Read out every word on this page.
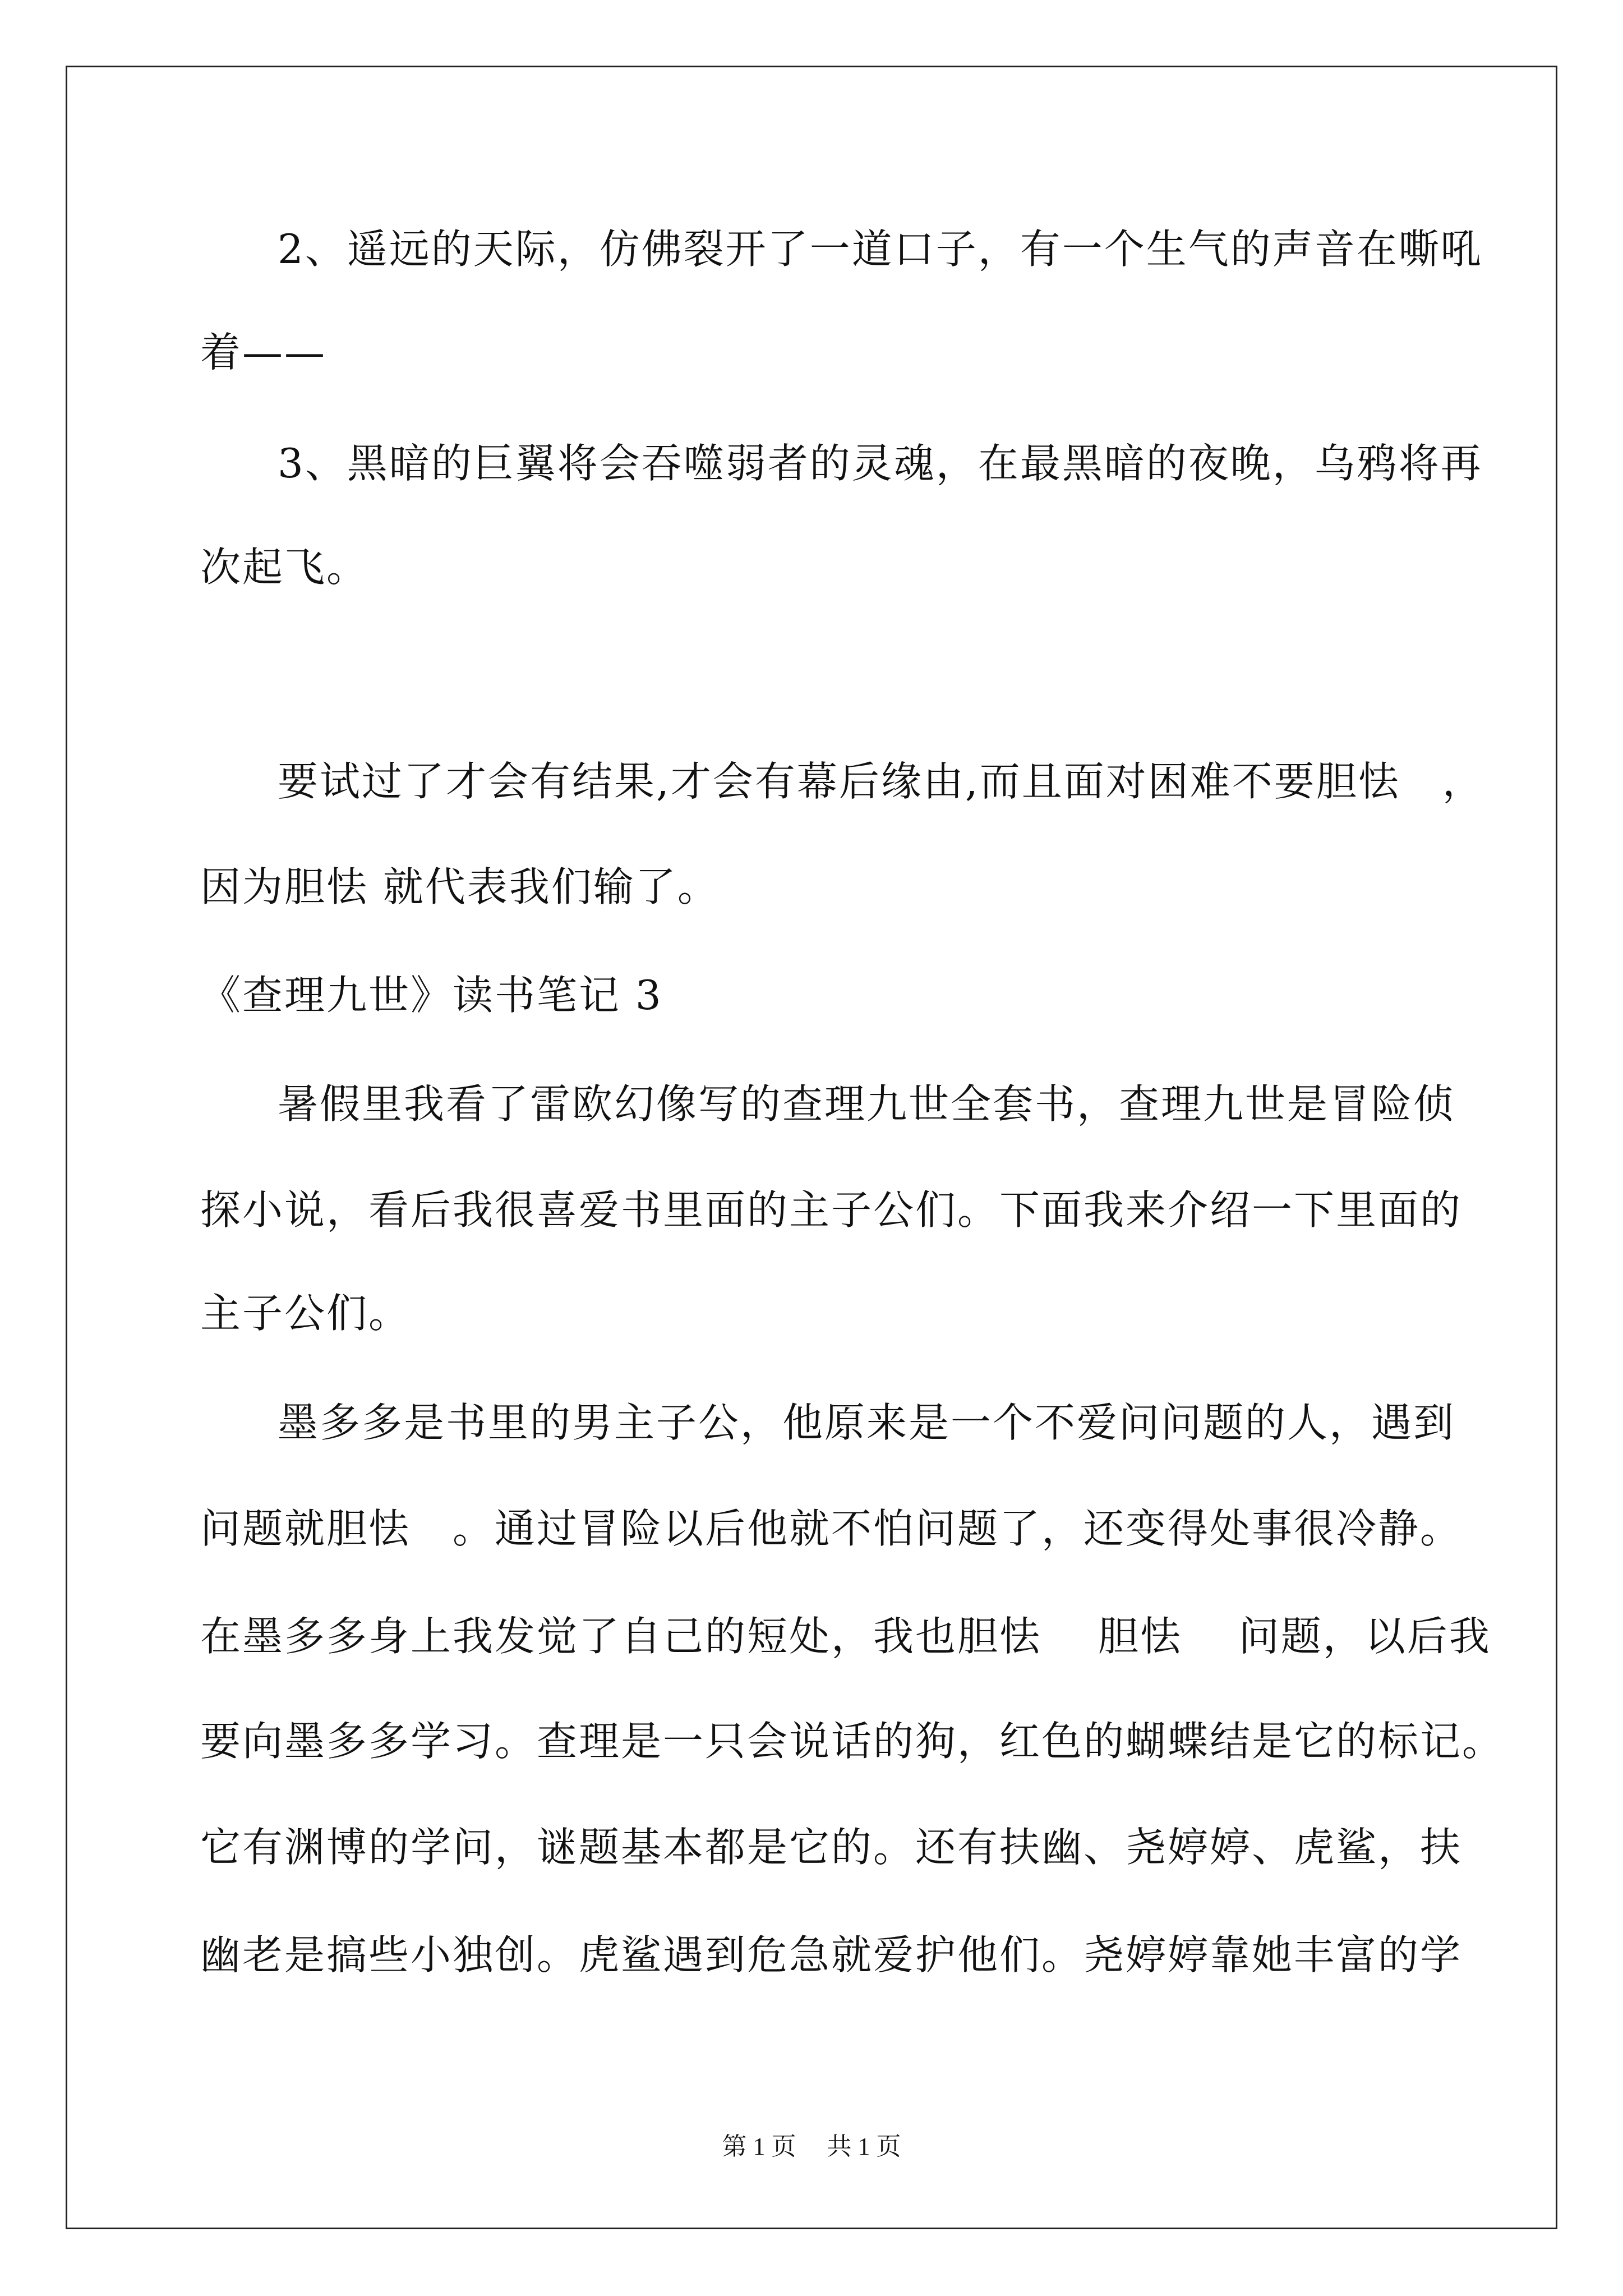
2、遥远的天际，仿佛裂开了一道口子，有一个生气的声音在嘶吼
着——
3、黑暗的巨翼将会吞噬弱者的灵魂，在最黑暗的夜晚，乌鸦将再
次起飞。
要试过了才会有结果,才会有幕后缘由,而且面对困难不要胆怯　，
因为胆怯 就代表我们输了。
《查理九世》读书笔记 3
暑假里我看了雷欧幻像写的查理九世全套书，查理九世是冒险侦
探小说，看后我很喜爱书里面的主子公们。下面我来介绍一下里面的
主子公们。
墨多多是书里的男主子公，他原来是一个不爱问问题的人，遇到
问题就胆怯　。通过冒险以后他就不怕问题了，还变得处事很冷静。
在墨多多身上我发觉了自己的短处，我也胆怯　 胆怯　 问题，以后我
要向墨多多学习。查理是一只会说话的狗，红色的蝴蝶结是它的标记。
它有渊博的学问，谜题基本都是它的。还有扶幽、尧婷婷、虎鲨，扶
幽老是搞些小独创。虎鲨遇到危急就爱护他们。尧婷婷靠她丰富的学
第 1 页　 共 1 页
